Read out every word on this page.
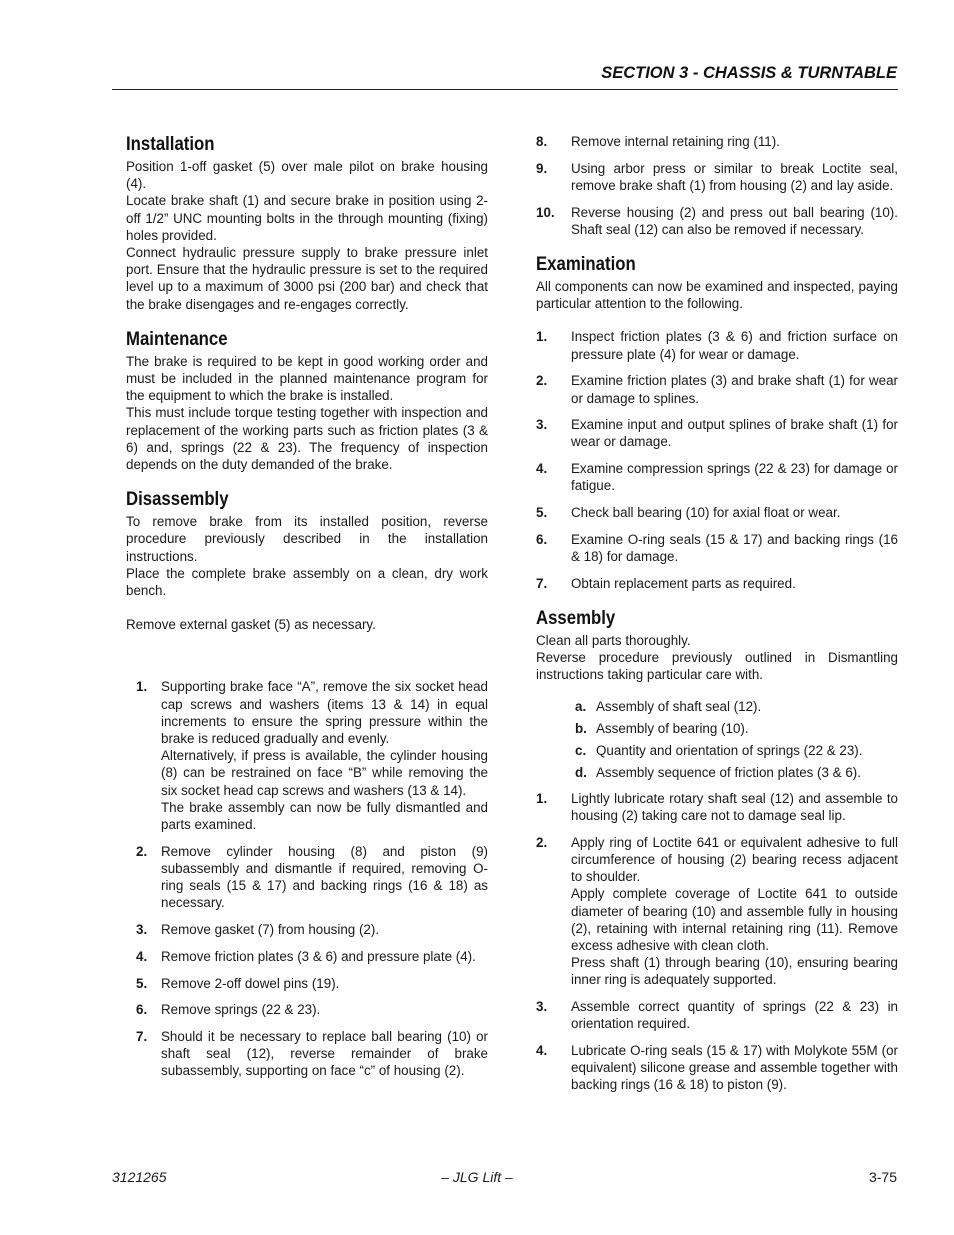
SECTION 3 - CHASSIS & TURNTABLE
Installation

Position 1-off gasket (5) over male pilot on brake housing (4).

Locate brake shaft (1) and secure brake in position using 2-off 1/2” UNC mounting bolts in the through mounting (fixing) holes provided.

Connect hydraulic pressure supply to brake pressure inlet port. Ensure that the hydraulic pressure is set to the required level up to a maximum of 3000 psi (200 bar) and check that the brake disengages and re-engages correctly.

Maintenance

The brake is required to be kept in good working order and must be included in the planned maintenance program for the equipment to which the brake is installed.

This must include torque testing together with inspection and replacement of the working parts such as friction plates (3 & 6) and, springs (22 & 23). The frequency of inspection depends on the duty demanded of the brake.

Disassembly

To remove brake from its installed position, reverse procedure previously described in the installation instructions.

Place the complete brake assembly on a clean, dry work bench.

Remove external gasket (5) as necessary.

1. Supporting brake face “A”, remove the six socket head cap screws and washers (items 13 & 14) in equal increments to ensure the spring pressure within the brake is reduced gradually and evenly.
Alternatively, if press is available, the cylinder housing (8) can be restrained on face “B” while removing the six socket head cap screws and washers (13 & 14).
The brake assembly can now be fully dismantled and parts examined.
2. Remove cylinder housing (8) and piston (9) subassembly and dismantle if required, removing O-ring seals (15 & 17) and backing rings (16 & 18) as necessary.
3. Remove gasket (7) from housing (2).
4. Remove friction plates (3 & 6) and pressure plate (4).
5. Remove 2-off dowel pins (19).
6. Remove springs (22 & 23).
7. Should it be necessary to replace ball bearing (10) or shaft seal (12), reverse remainder of brake subassembly, supporting on face “c” of housing (2).
8. Remove internal retaining ring (11).
9. Using arbor press or similar to break Loctite seal, remove brake shaft (1) from housing (2) and lay aside.
10. Reverse housing (2) and press out ball bearing (10). Shaft seal (12) can also be removed if necessary.
Examination

All components can now be examined and inspected, paying particular attention to the following.

1. Inspect friction plates (3 & 6) and friction surface on pressure plate (4) for wear or damage.
2. Examine friction plates (3) and brake shaft (1) for wear or damage to splines.
3. Examine input and output splines of brake shaft (1) for wear or damage.
4. Examine compression springs (22 & 23) for damage or fatigue.
5. Check ball bearing (10) for axial float or wear.
6. Examine O-ring seals (15 & 17) and backing rings (16 & 18) for damage.
7. Obtain replacement parts as required.
Assembly

Clean all parts thoroughly.

Reverse procedure previously outlined in Dismantling instructions taking particular care with.

a. Assembly of shaft seal (12).
b. Assembly of bearing (10).
c. Quantity and orientation of springs (22 & 23).
d. Assembly sequence of friction plates (3 & 6).
1. Lightly lubricate rotary shaft seal (12) and assemble to housing (2) taking care not to damage seal lip.
2. Apply ring of Loctite 641 or equivalent adhesive to full circumference of housing (2) bearing recess adjacent to shoulder.
Apply complete coverage of Loctite 641 to outside diameter of bearing (10) and assemble fully in housing (2), retaining with internal retaining ring (11). Remove excess adhesive with clean cloth.
Press shaft (1) through bearing (10), ensuring bearing inner ring is adequately supported.
3. Assemble correct quantity of springs (22 & 23) in orientation required.
4. Lubricate O-ring seals (15 & 17) with Molykote 55M (or equivalent) silicone grease and assemble together with backing rings (16 & 18) to piston (9).
3121265	– JLG Lift –	3-75
